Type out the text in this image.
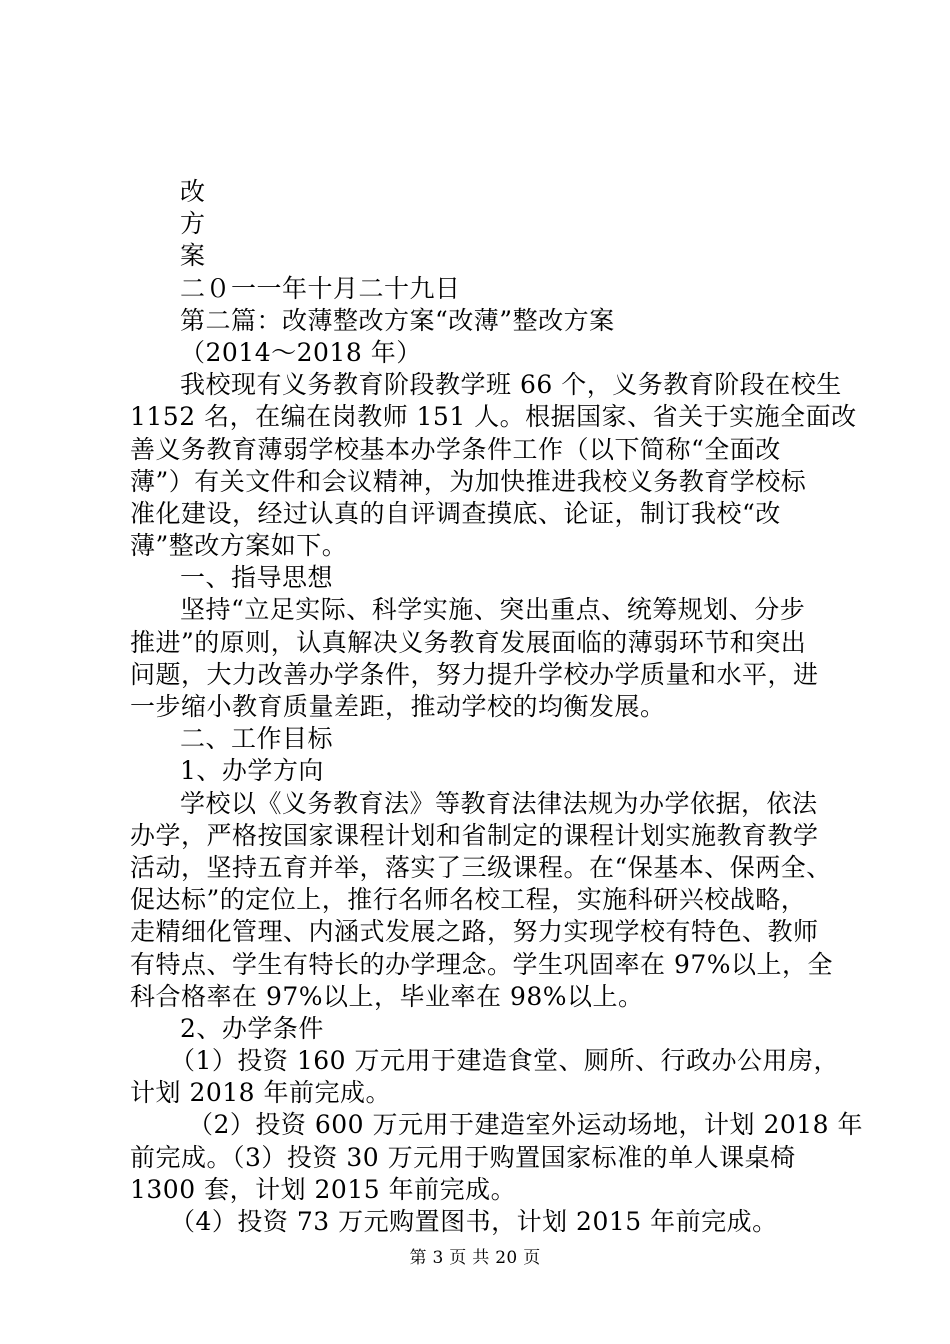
改
方
案
二０一一年十月二十九日
第二篇：改薄整改方案“改薄”整改方案
（2014～2018 年）
我校现有义务教育阶段教学班 66 个，义务教育阶段在校生
1152 名，在编在岗教师 151 人。根据国家、省关于实施全面改
善义务教育薄弱学校基本办学条件工作（以下简称“全面改
薄”）有关文件和会议精神，为加快推进我校义务教育学校标
准化建设，经过认真的自评调查摸底、论证，制订我校“改
薄”整改方案如下。
一、指导思想
坚持“立足实际、科学实施、突出重点、统筹规划、分步
推进”的原则，认真解决义务教育发展面临的薄弱环节和突出
问题，大力改善办学条件，努力提升学校办学质量和水平，进
一步缩小教育质量差距，推动学校的均衡发展。
二、工作目标
1、办学方向
学校以《义务教育法》等教育法律法规为办学依据，依法
办学，严格按国家课程计划和省制定的课程计划实施教育教学
活动，坚持五育并举，落实了三级课程。在“保基本、保两全、
促达标”的定位上，推行名师名校工程，实施科研兴校战略，
走精细化管理、内涵式发展之路，努力实现学校有特色、教师
有特点、学生有特长的办学理念。学生巩固率在 97%以上，全
科合格率在 97%以上，毕业率在 98%以上。
2、办学条件
（1）投资 160 万元用于建造食堂、厕所、行政办公用房，
计划 2018 年前完成。
（2）投资 600 万元用于建造室外运动场地，计划 2018 年
前完成。（3）投资 30 万元用于购置国家标准的单人课桌椅
1300 套，计划 2015 年前完成。
（4）投资 73 万元购置图书，计划 2015 年前完成。
第 3 页 共 20 页
